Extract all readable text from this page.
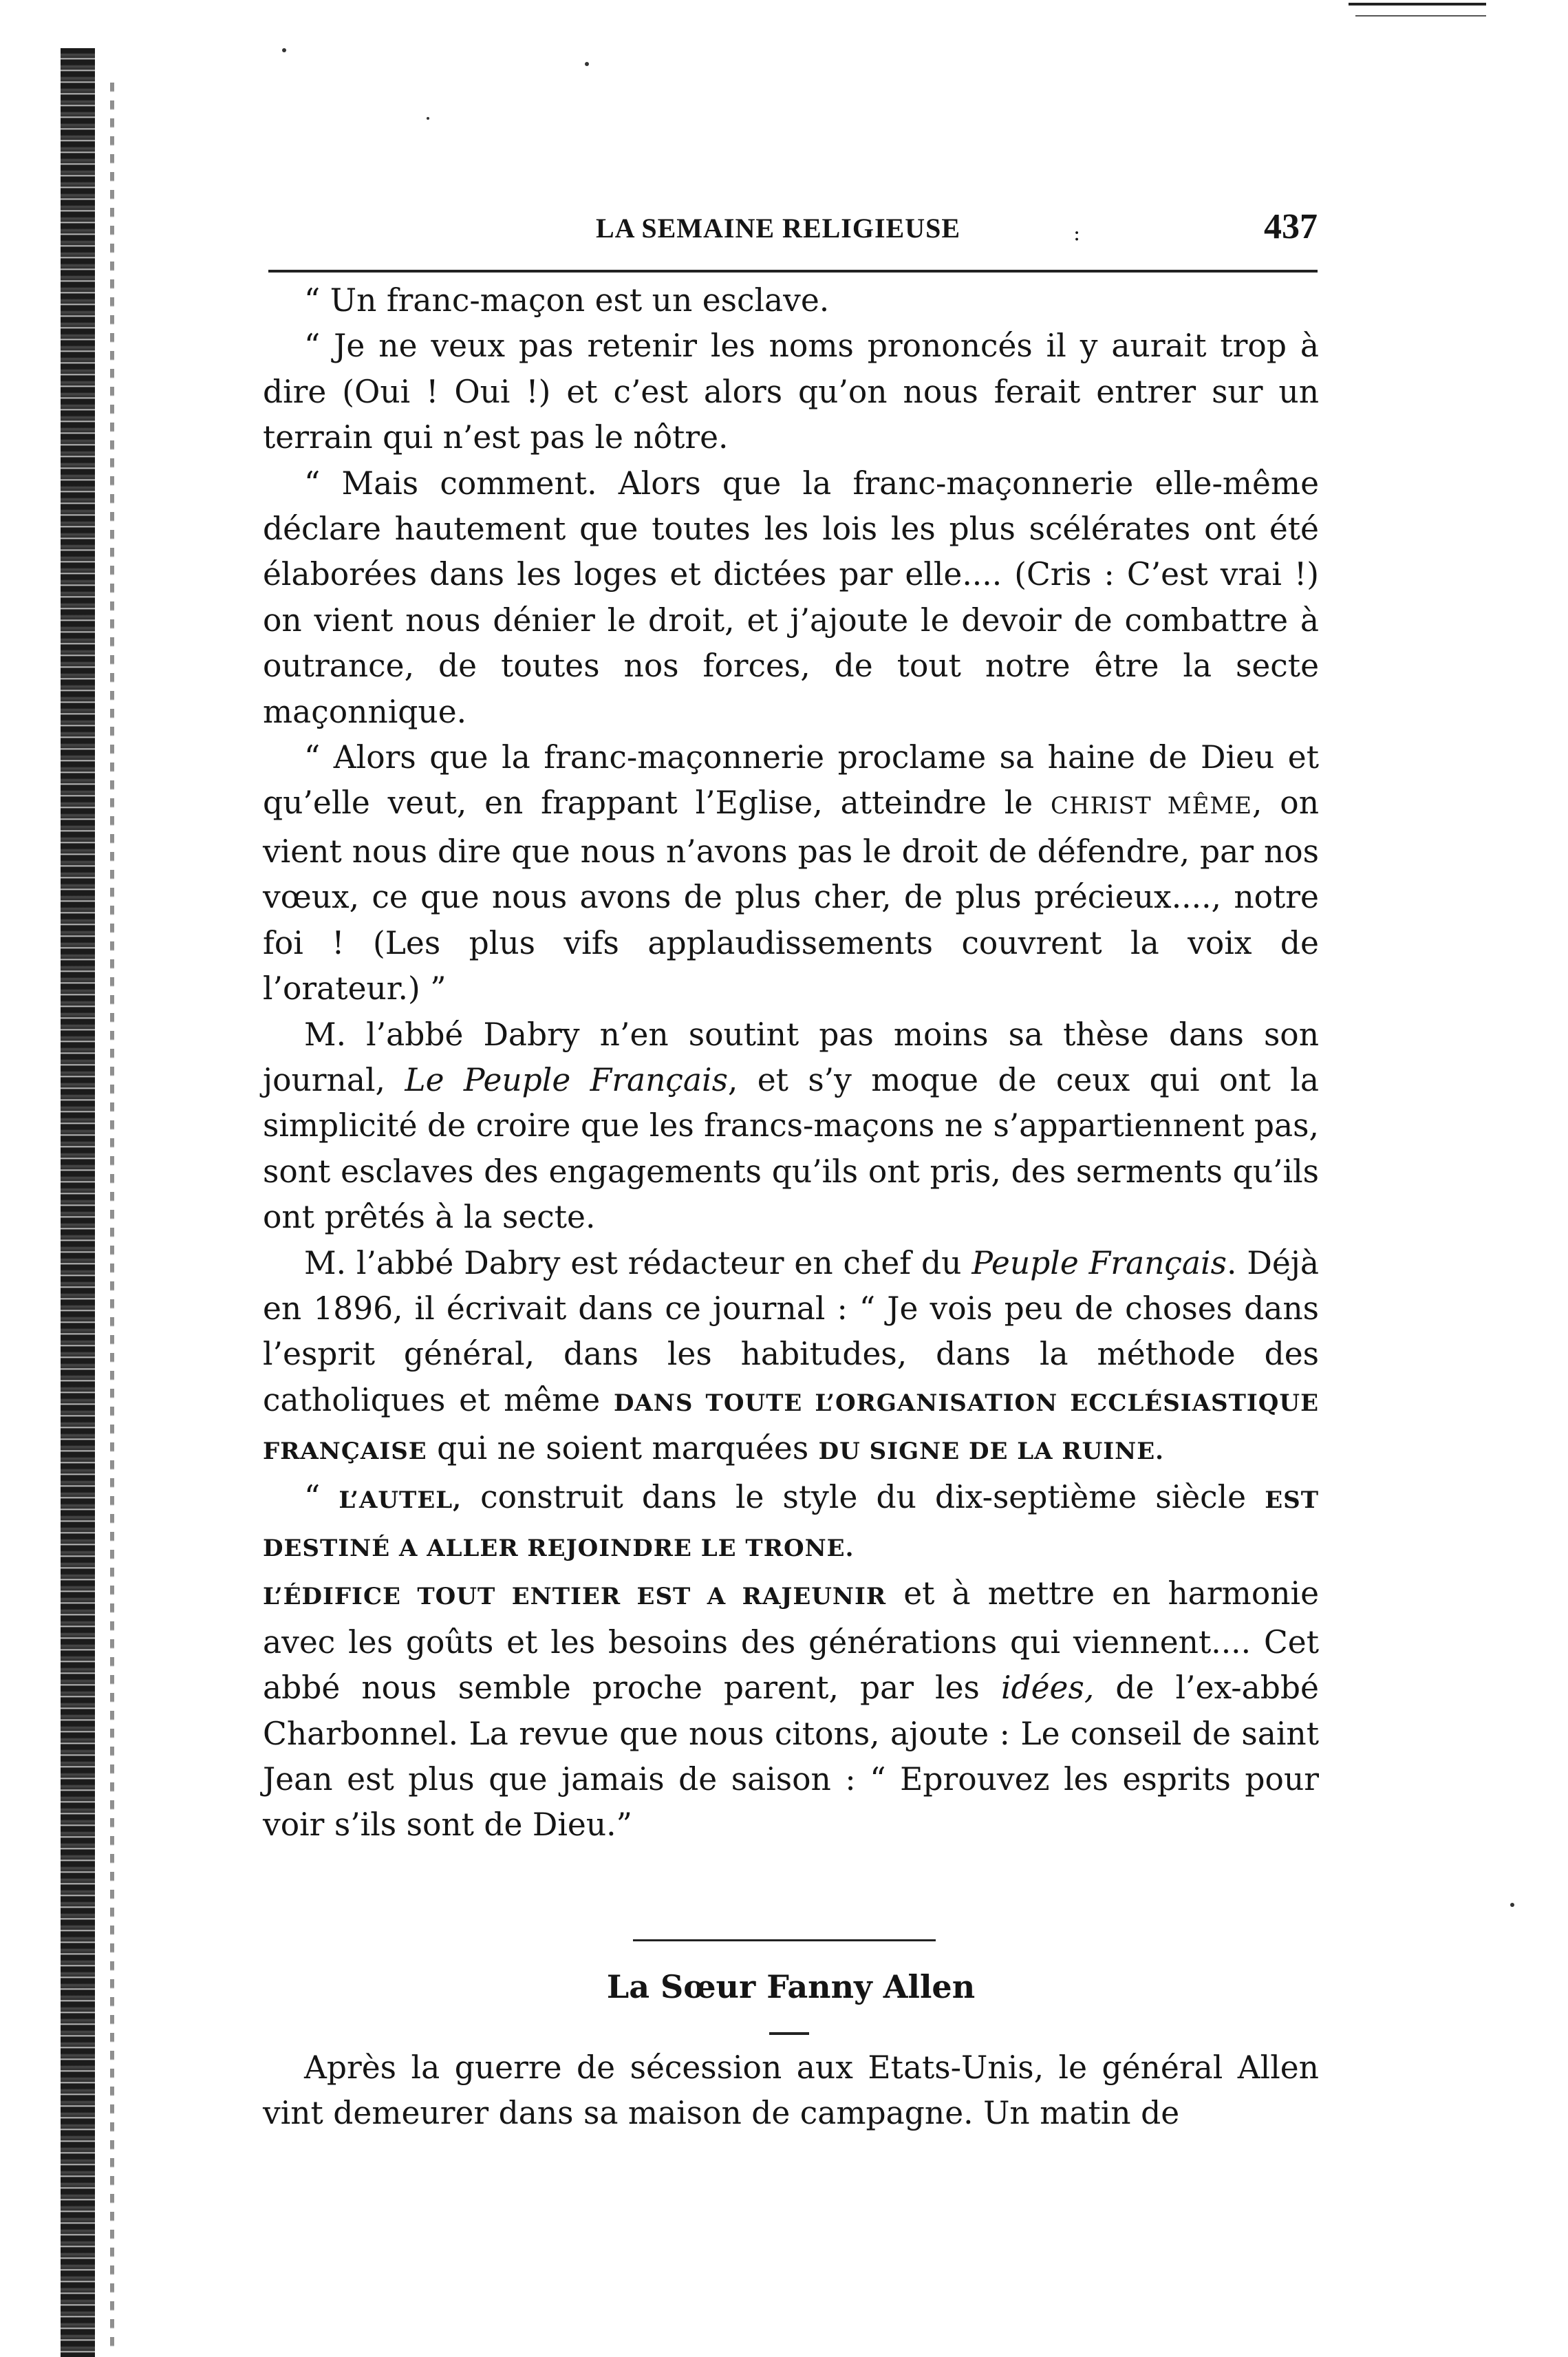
LA SEMAINE RELIGIEUSE	:	437

“ Un franc-maçon est un esclave.

“ Je ne veux pas retenir les noms prononcés il y aurait trop à dire (Oui ! Oui !) et c’est alors qu’on nous ferait entrer sur un terrain qui n’est pas le nôtre.

“ Mais comment. Alors que la franc-maçonnerie elle-même déclare hautement que toutes les lois les plus scélérates ont été élaborées dans les loges et dictées par elle.... (Cris : C’est vrai !) on vient nous dénier le droit, et j’ajoute le devoir de combattre à outrance, de toutes nos forces, de tout notre être la secte maçonnique.

“ Alors que la franc-maçonnerie proclame sa haine de Dieu et qu’elle veut, en frappant l’Eglise, atteindre le CHRIST MÊME, on vient nous dire que nous n’avons pas le droit de défendre, par nos vœux, ce que nous avons de plus cher, de plus précieux...., notre foi ! (Les plus vifs applaudissements couvrent la voix de l’orateur.) ”

M. l’abbé Dabry n’en soutint pas moins sa thèse dans son journal, Le Peuple Français, et s’y moque de ceux qui ont la simplicité de croire que les francs-maçons ne s’appartiennent pas, sont esclaves des engagements qu’ils ont pris, des serments qu’ils ont prêtés à la secte.

M. l’abbé Dabry est rédacteur en chef du Peuple Français. Déjà en 1896, il écrivait dans ce journal : “ Je vois peu de choses dans l’esprit général, dans les habitudes, dans la méthode des catholiques et même DANS TOUTE L’ORGANISATION ECCLÉSIASTIQUE FRANÇAISE qui ne soient marquées DU SIGNE DE LA RUINE.

“ L’AUTEL, construit dans le style du dix-septième siècle EST DESTINÉ A ALLER REJOINDRE LE TRONE.

L’ÉDIFICE TOUT ENTIER EST A RAJEUNIR et à mettre en harmonie avec les goûts et les besoins des générations qui viennent.... Cet abbé nous semble proche parent, par les idées, de l’ex-abbé Charbonnel. La revue que nous citons, ajoute : Le conseil de saint Jean est plus que jamais de saison : “ Eprouvez les esprits pour voir s’ils sont de Dieu.”

La Sœur Fanny Allen

Après la guerre de sécession aux Etats-Unis, le général Allen vint demeurer dans sa maison de campagne. Un matin de
